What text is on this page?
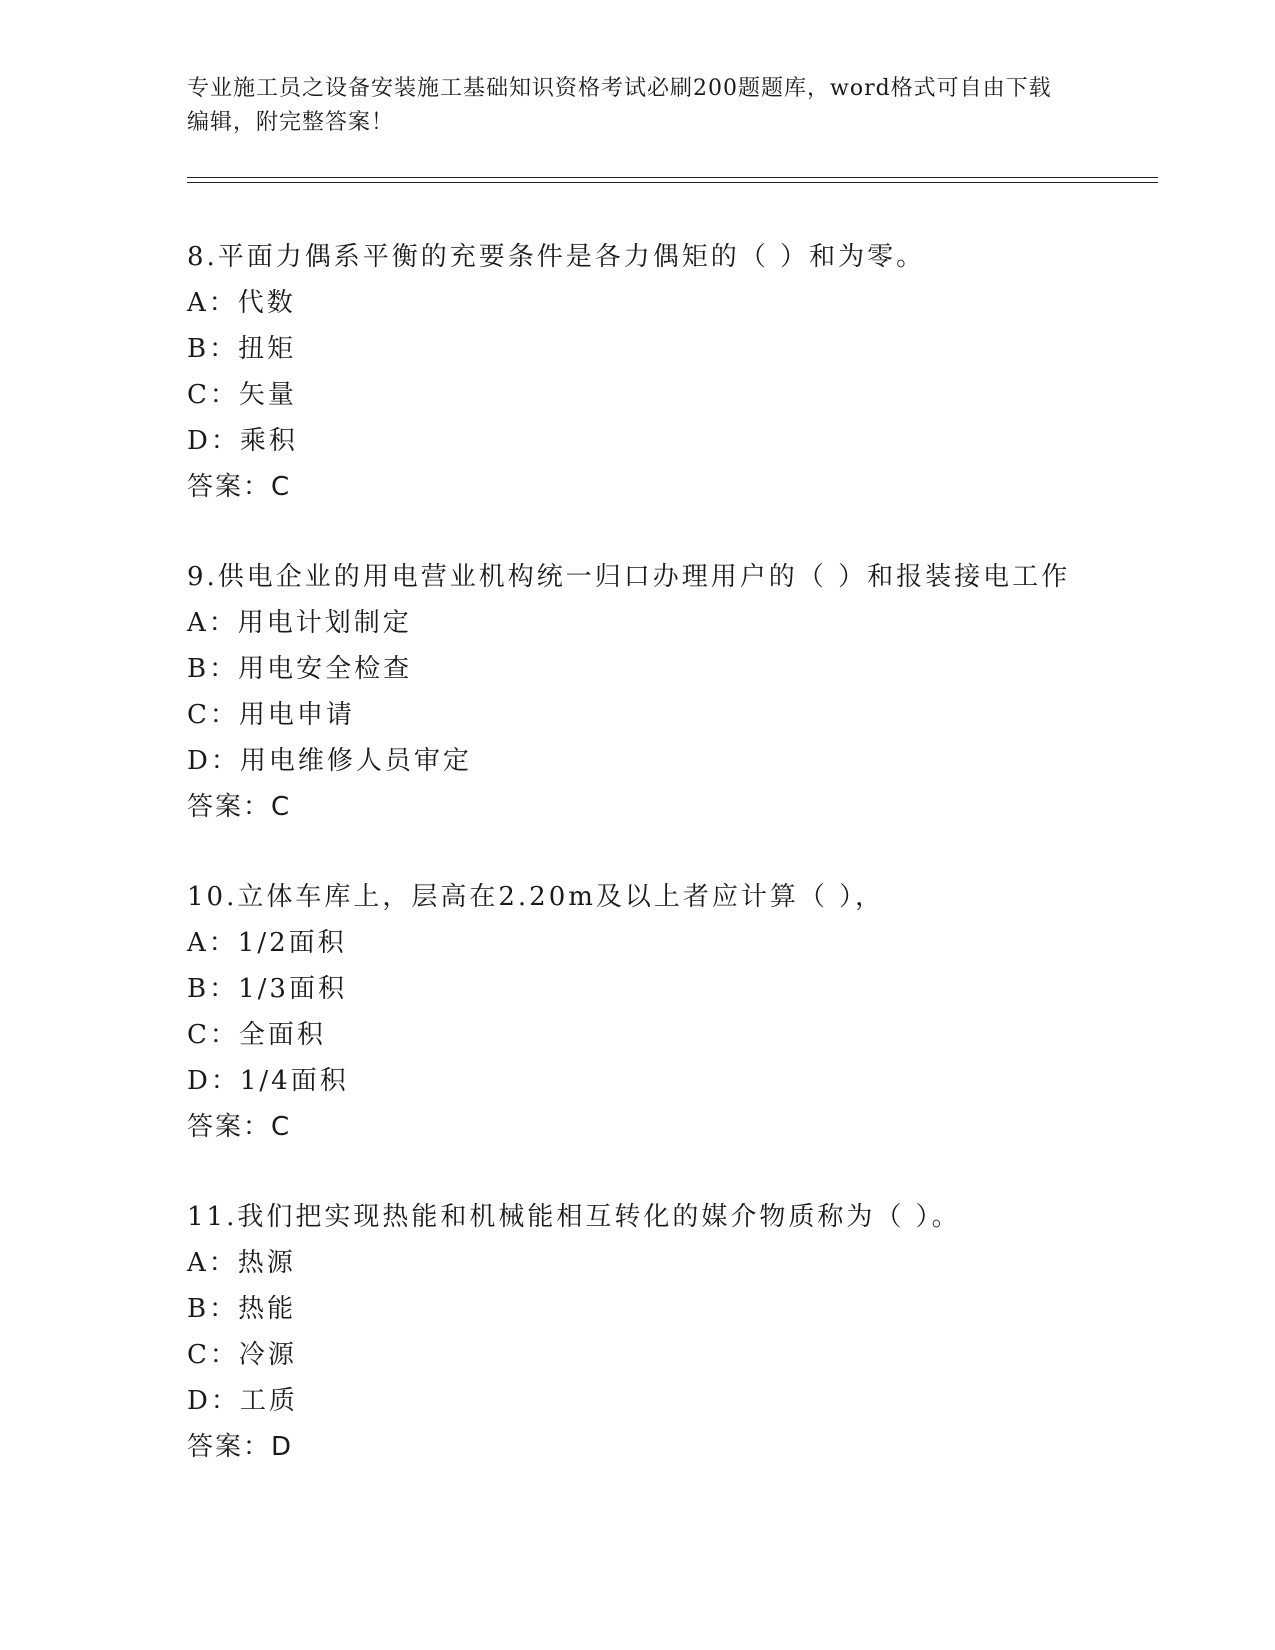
专业施工员之设备安装施工基础知识资格考试必刷200题题库，word格式可自由下载编辑，附完整答案！
8.平面力偶系平衡的充要条件是各力偶矩的（ ）和为零。
A：代数
B：扭矩
C：矢量
D：乘积
答案：C
9.供电企业的用电营业机构统一归口办理用户的（ ）和报装接电工作
A：用电计划制定
B：用电安全检查
C：用电申请
D：用电维修人员审定
答案：C
10.立体车库上，层高在2.20m及以上者应计算（ ），
A：1/2面积
B：1/3面积
C：全面积
D：1/4面积
答案：C
11.我们把实现热能和机械能相互转化的媒介物质称为（ ）。
A：热源
B：热能
C：冷源
D：工质
答案：D
